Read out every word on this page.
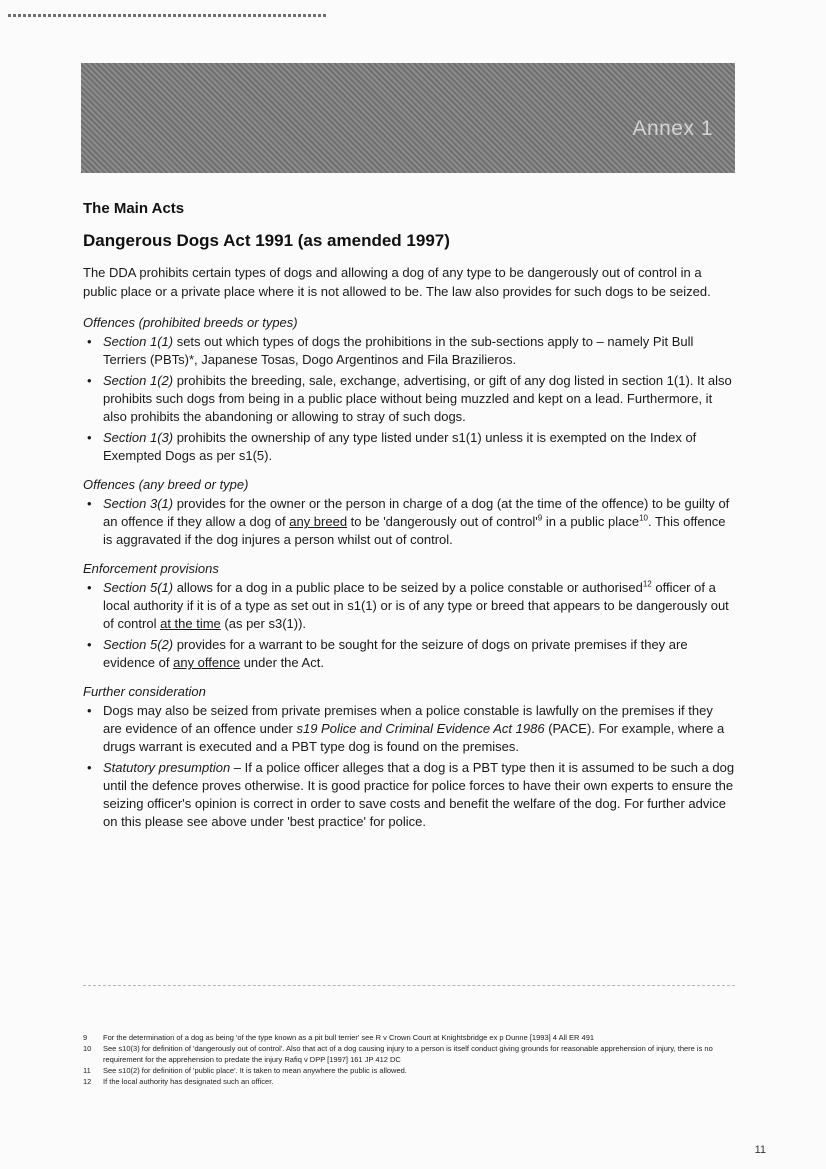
Annex 1
The Main Acts
Dangerous Dogs Act 1991 (as amended 1997)

The DDA prohibits certain types of dogs and allowing a dog of any type to be dangerously out of control in a public place or a private place where it is not allowed to be. The law also provides for such dogs to be seized.

Offences (prohibited breeds or types)
• Section 1(1) sets out which types of dogs the prohibitions in the sub-sections apply to – namely Pit Bull Terriers (PBTs)*, Japanese Tosas, Dogo Argentinos and Fila Brazilieros.
• Section 1(2) prohibits the breeding, sale, exchange, advertising, or gift of any dog listed in section 1(1). It also prohibits such dogs from being in a public place without being muzzled and kept on a lead. Furthermore, it also prohibits the abandoning or allowing to stray of such dogs.
• Section 1(3) prohibits the ownership of any type listed under s1(1) unless it is exempted on the Index of Exempted Dogs as per s1(5).
Offences (any breed or type)
• Section 3(1) provides for the owner or the person in charge of a dog (at the time of the offence) to be guilty of an offence if they allow a dog of any breed to be 'dangerously out of $control'^9$ in a public place$^{10}$. This offence is aggravated if the dog injures a person whilst out of control.
Enforcement provisions
• Section 5(1) allows for a dog in a public place to be seized by a police constable or authorised$^{12}$ officer of a local authority if it is of a type as set out in s1(1) or is of any type or breed that appears to be dangerously out of control at the time (as per s3(1)).
• Section 5(2) provides for a warrant to be sought for the seizure of dogs on private premises if they are evidence of any offence under the Act.
Further consideration
• Dogs may also be seized from private premises when a police constable is lawfully on the premises if they are evidence of an offence under s19 Police and Criminal Evidence Act 1986 (PACE). For example, where a drugs warrant is executed and a PBT type dog is found on the premises.
• Statutory presumption – If a police officer alleges that a dog is a PBT type then it is assumed to be such a dog until the defence proves otherwise. It is good practice for police forces to have their own experts to ensure the seizing officer's opinion is correct in order to save costs and benefit the welfare of the dog. For further advice on this please see above under 'best practice' for police.
9	For the determination of a dog as being 'of the type known as a pit bull terrier' see R v Crown Court at Knightsbridge ex p Dunne [1993] 4 All ER 491
10	See s10(3) for definition of 'dangerously out of control'. Also that act of a dog causing injury to a person is itself conduct giving grounds for reasonable apprehension of injury, there is no requirement for the apprehension to predate the injury Rafiq v DPP [1997] 161 JP 412 DC
11	See s10(2) for definition of 'public place'. It is taken to mean anywhere the public is allowed.
12	If the local authority has designated such an officer.
11
